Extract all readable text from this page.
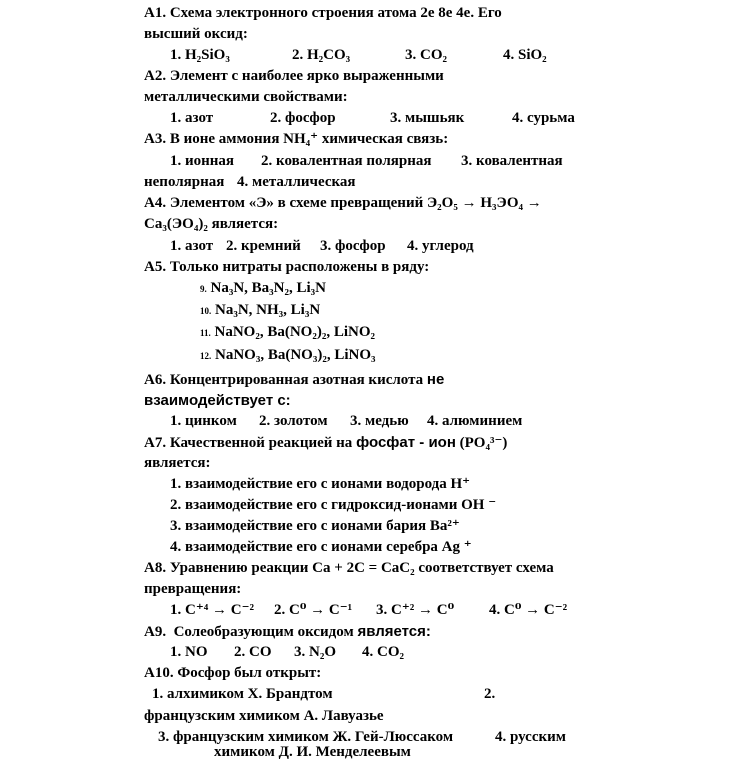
А1. Схема электронного строения атома 2е 8е 4е. Его
высший оксид:
1. H₂SiO₃	2. H₂CO₃	3. CO₂	4. SiO₂
А2. Элемент с наиболее ярко выраженными
металлическими свойствами:
1. азот	2. фосфор	3. мышьяк	4. сурьма
А3. В ионе аммония NH₄⁺ химическая связь:
1. ионная 2. ковалентная полярная 3. ковалентная
неполярная 4. металлическая
А4. Элементом «Э» в схеме превращений Э₂О₅ → H₃ЭО₄ →
Ca₃(ЭО₄)₂ является:
1. азот 2. кремний 3. фосфор 4. углерод
А5. Только нитраты расположены в ряду:
9. Na₃N, Ba₃N₂, Li₃N
10. Na₃N, NH₃, Li₃N
11. NaNO₂, Ba(NO₂)₂, LiNO₂
12. NaNO₃, Ba(NO₃)₂, LiNO₃
А6. Концентрированная азотная кислота не
взаимодействует с:
1. цинком 2. золотом 3. медью 4. алюминием
А7. Качественной реакцией на фосфат - ион (PO₄³⁻)
является:
1. взаимодействие его с ионами водорода H⁺
2. взаимодействие его с гидроксид-ионами OH ⁻
3. взаимодействие его с ионами бария Ba²⁺
4. взаимодействие его с ионами серебра Ag ⁺
А8. Уравнению реакции Ca + 2C = CaC₂ соответствует схема
превращения:
1. C⁺⁴ → C⁻² 2. C⁰ → C⁻¹ 3. C⁺² → C⁰ 4. C⁰ → C⁻²
А9. Солеобразующим оксидом является:
1. NO 2. CO 3. N₂O 4. CO₂
А10. Фосфор был открыт:
1. алхимиком Х. Брандтом	2.
французским химиком А. Лавуазье
3. французским химиком Ж. Гей-Люссаком	4. русским
химиком Д. И. Менделеевым
